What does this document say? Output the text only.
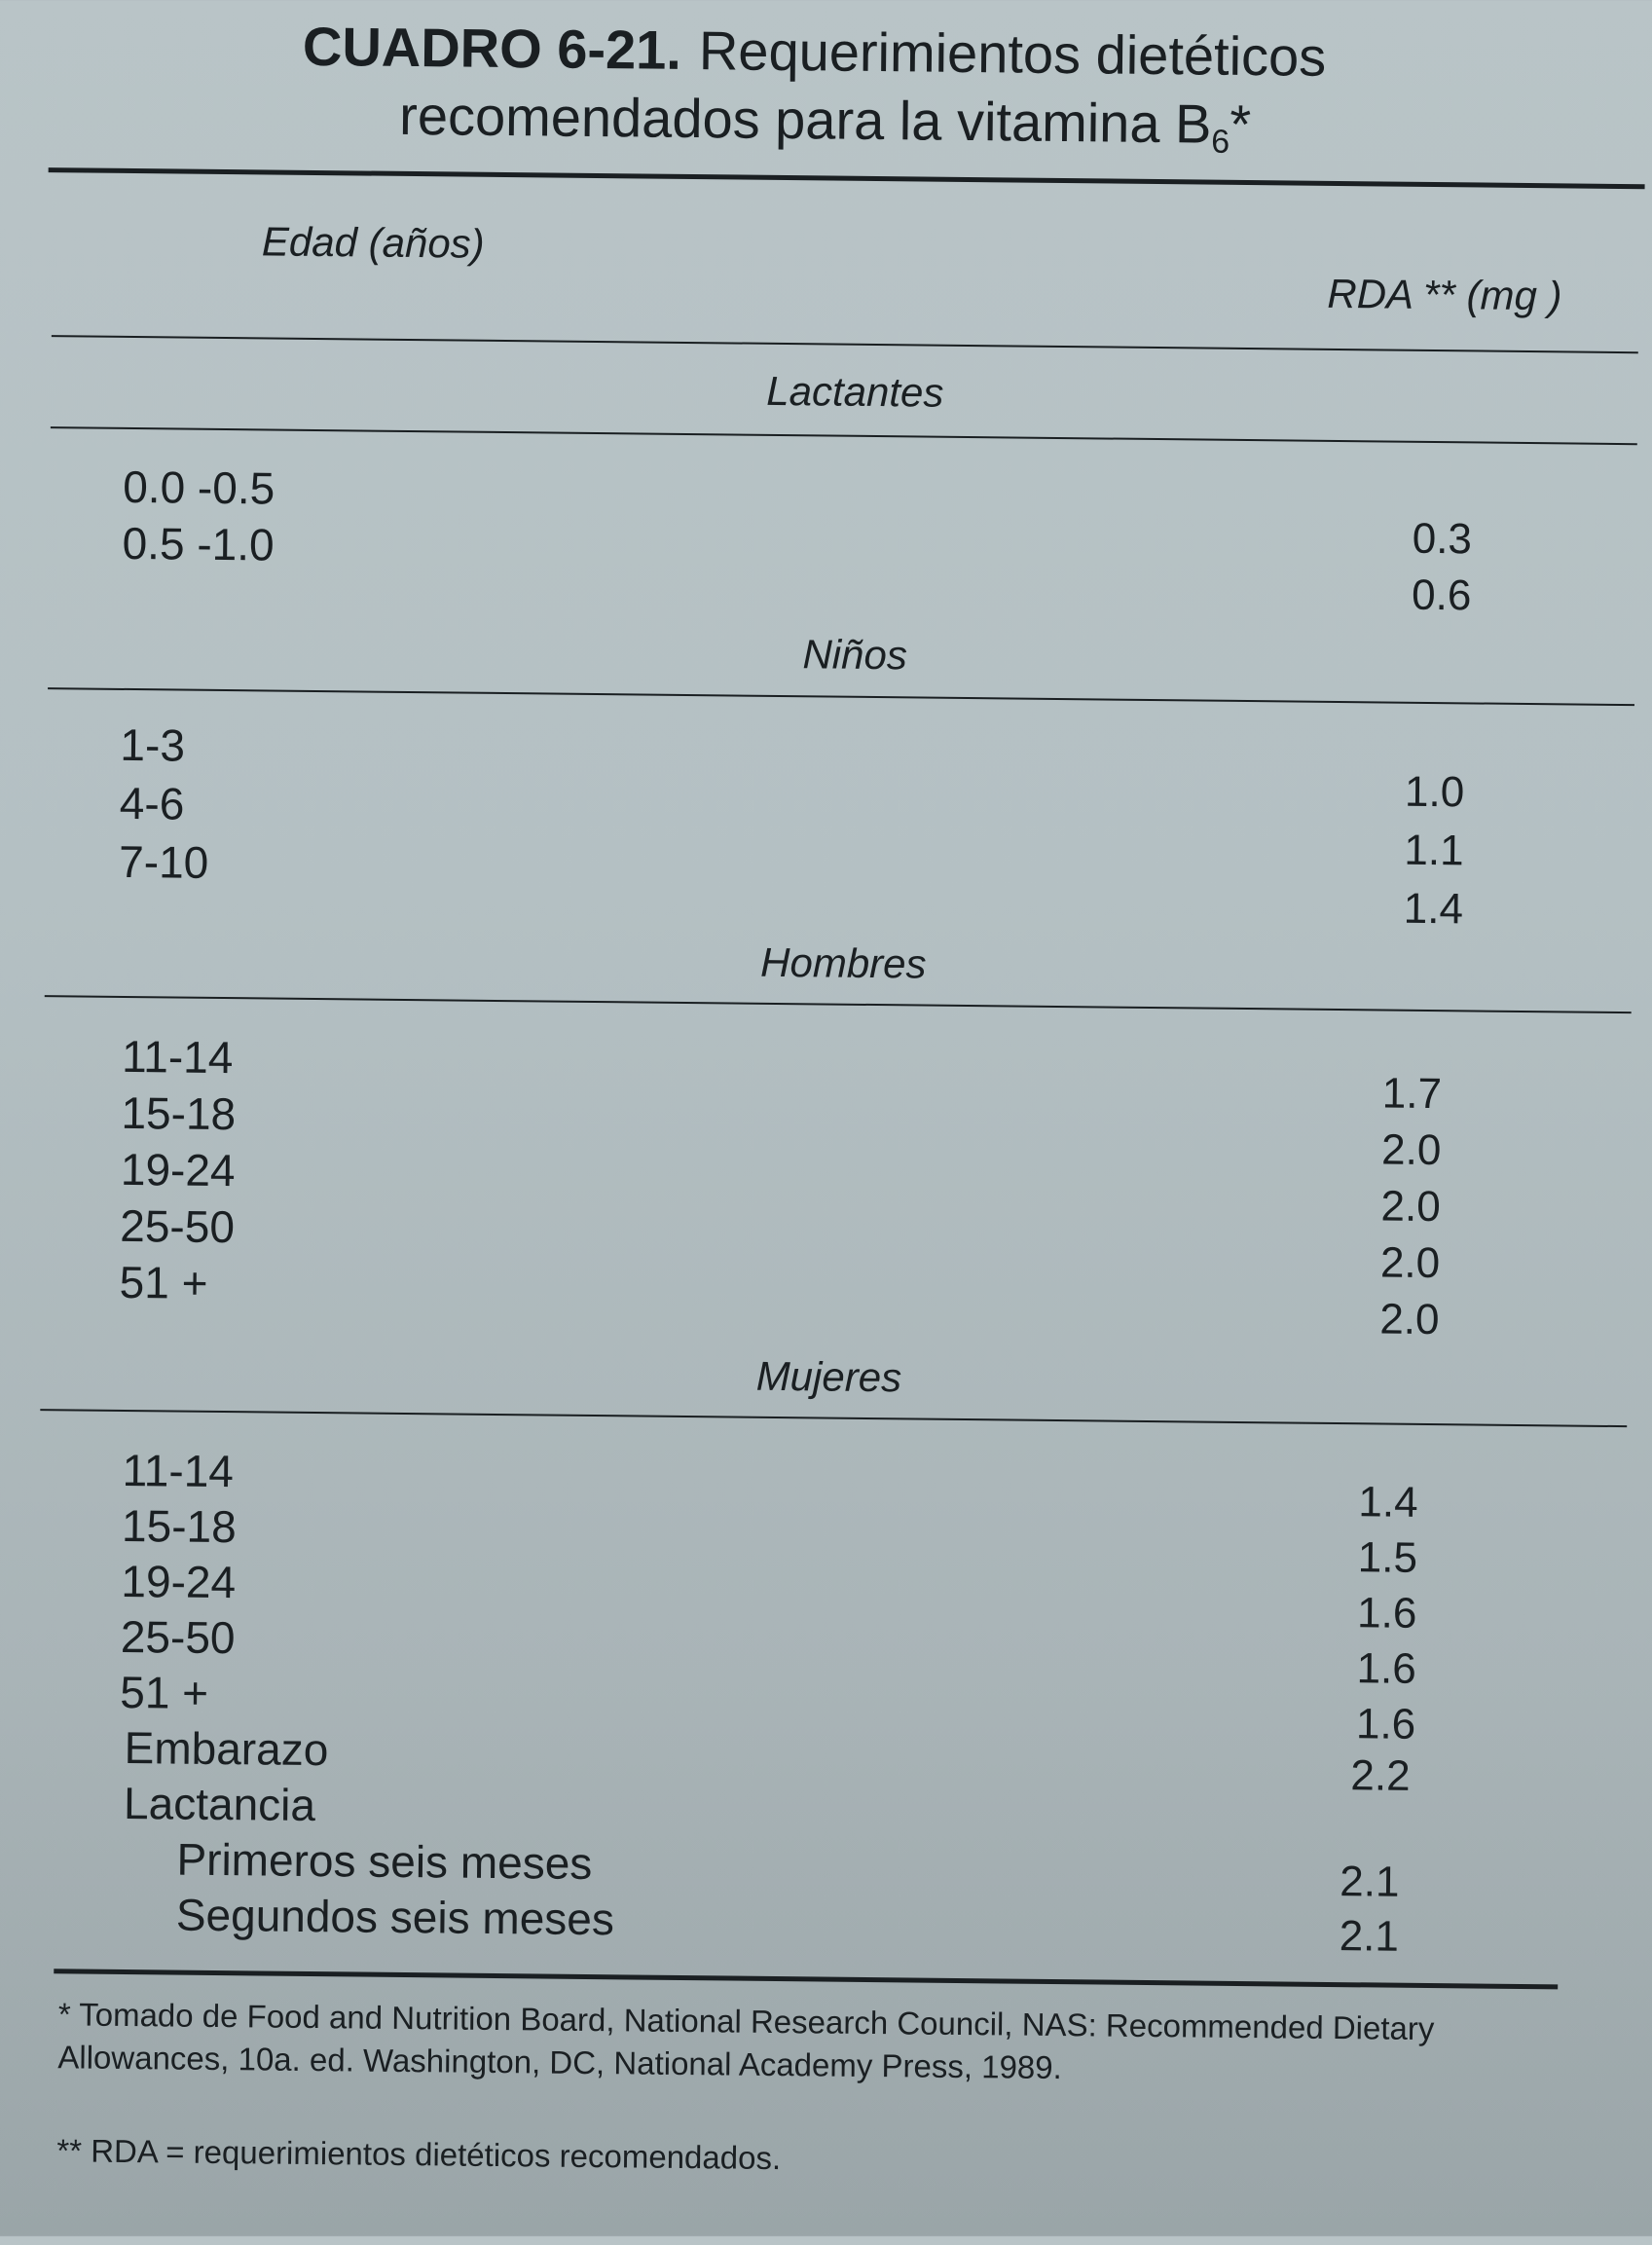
CUADRO 6-21. Requerimientos dietéticos
recomendados para la vitamina $B_6*$
Edad (años)
RDA ** (mg )
Lactantes
0.0 -0.5
0.5 -1.0	0.3
0.6
Niños
1-3
4-6
7-10
1.0
1.1
1.4
Hombres
11-14
15-18
19-24
25-50
51 +
1.7
2.0
2.0
2.0
2.0
Mujeres
11-14
15-18
19-24
25-50
51 +
Embarazo
Lactancia
Primeros seis meses
Segundos seis meses
1.4
1.5
1.6
1.6
1.6
2.2
2.1
2.1
* Tomado de Food and Nutrition Board, National Research Council, NAS: Recommended Dietary Allowances, 10a. ed. Washington, DC, National Academy Press, 1989.
** RDA = requerimientos dietéticos recomendados.
